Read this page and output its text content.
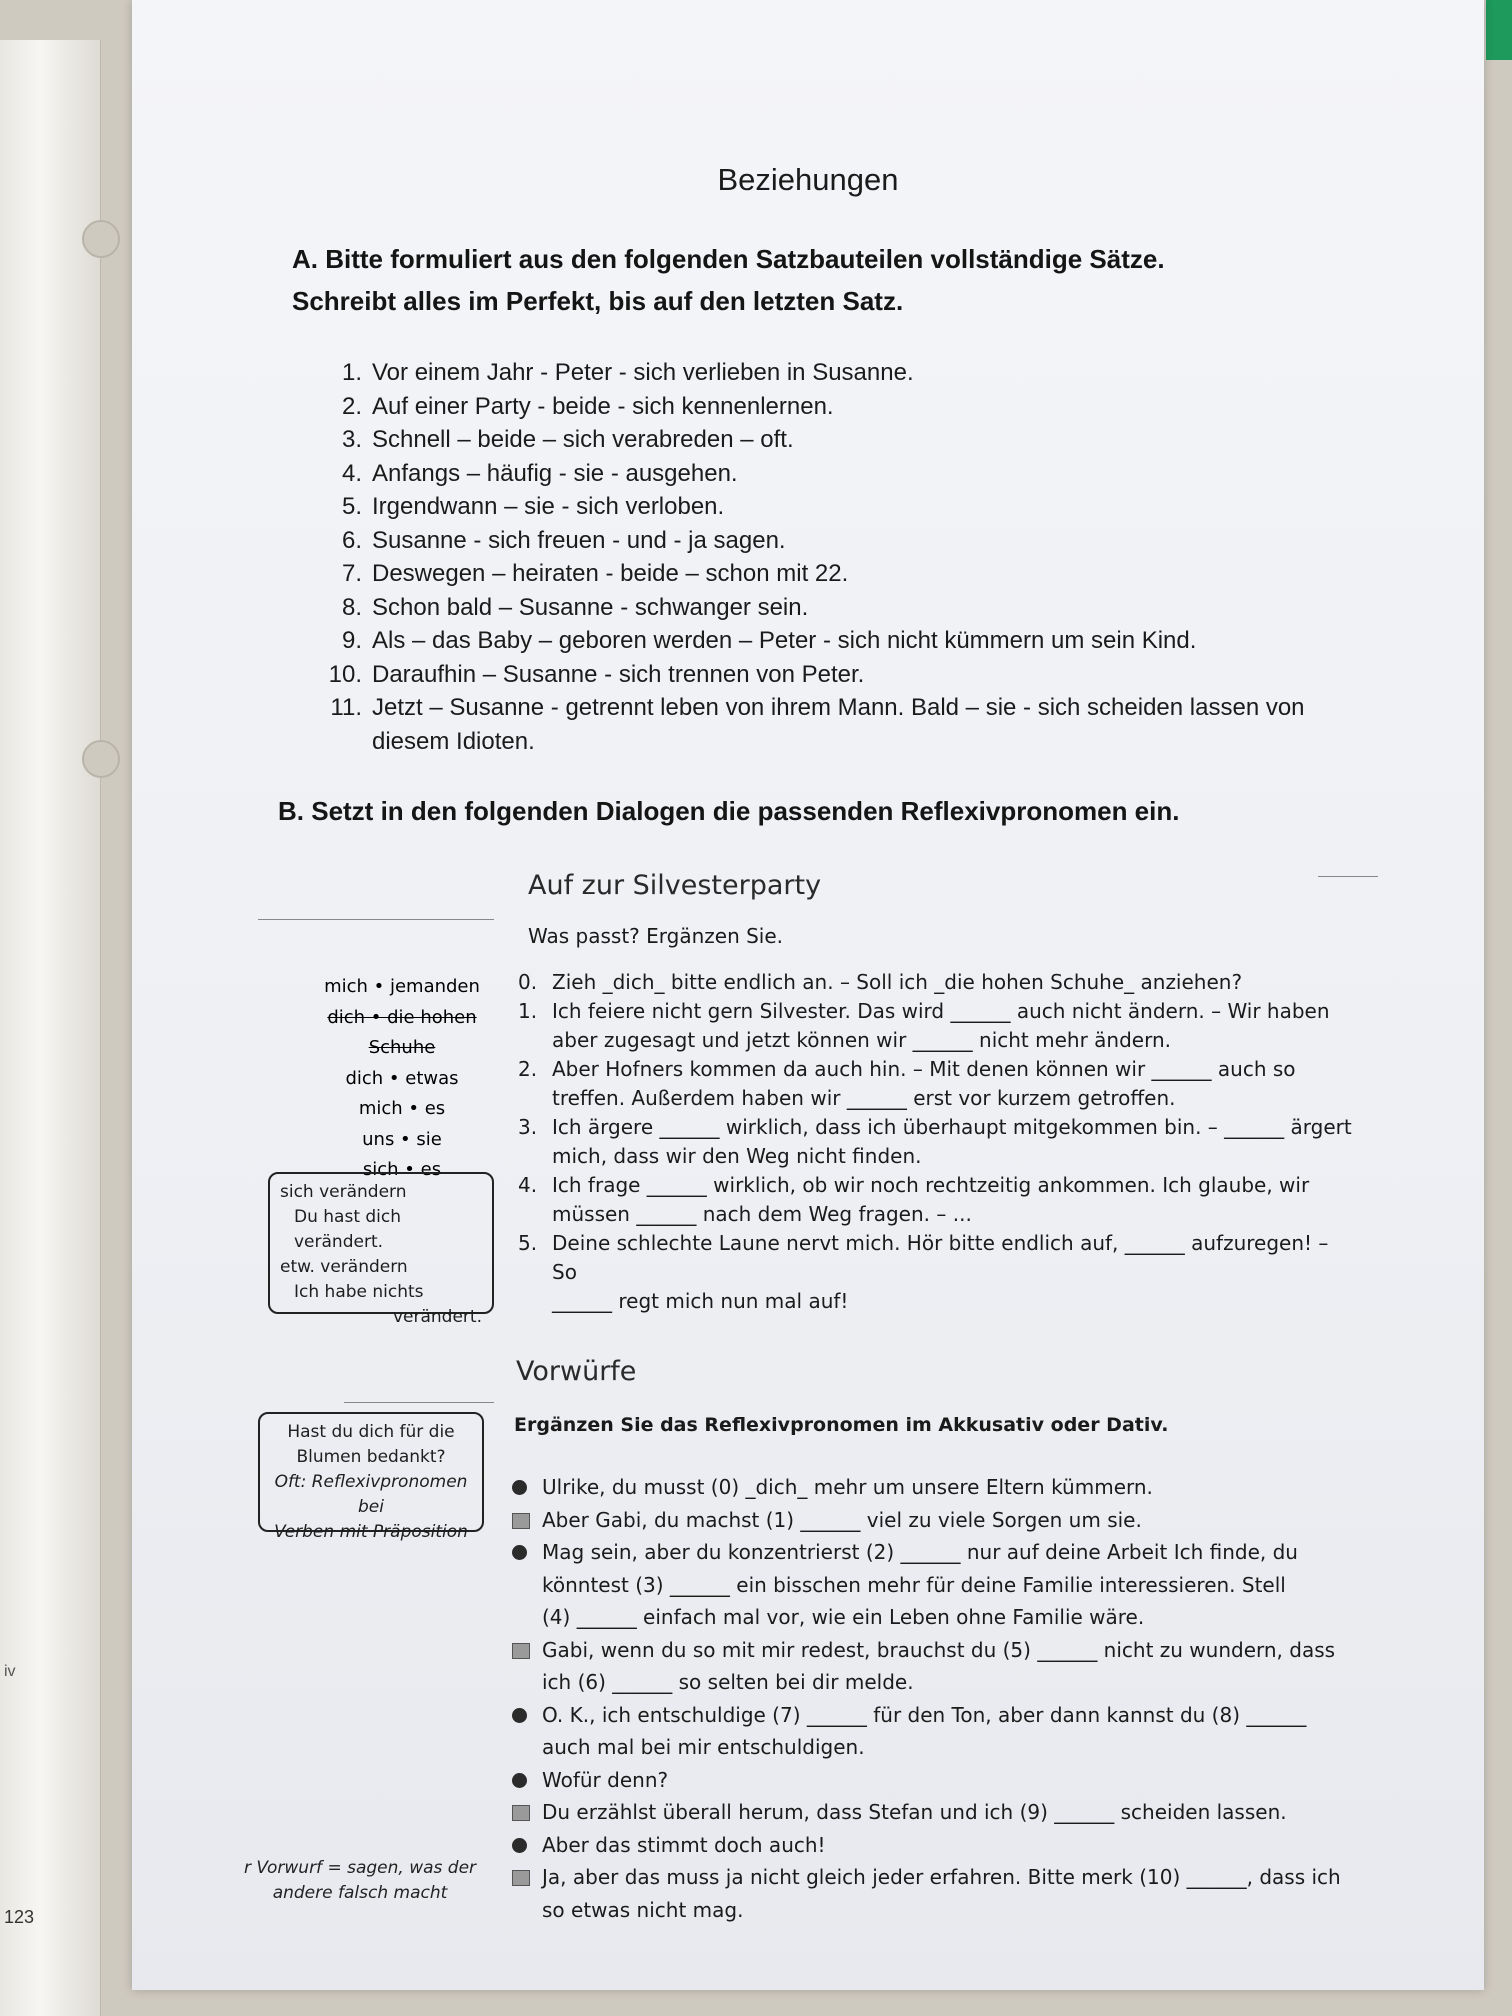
iv
123
Beziehungen
A. Bitte formuliert aus den folgenden Satzbauteilen vollständige Sätze.
Schreibt alles im Perfekt, bis auf den letzten Satz.
1. Vor einem Jahr - Peter - sich verlieben in Susanne.
2. Auf einer Party - beide - sich kennenlernen.
3. Schnell – beide – sich verabreden – oft.
4. Anfangs – häufig - sie - ausgehen.
5. Irgendwann – sie - sich verloben.
6. Susanne - sich freuen - und - ja sagen.
7. Deswegen – heiraten - beide – schon mit 22.
8. Schon bald – Susanne - schwanger sein.
9. Als – das Baby – geboren werden – Peter - sich nicht kümmern um sein Kind.
10. Daraufhin – Susanne - sich trennen von Peter.
11. Jetzt – Susanne - getrennt leben von ihrem Mann. Bald – sie - sich scheiden lassen von diesem Idioten.
B. Setzt in den folgenden Dialogen die passenden Reflexivpronomen ein.
Auf zur Silvesterparty
Was passt? Ergänzen Sie.
mich • jemanden
dich • die hohen Schuhe
dich • etwas
mich • es
uns • sie
sich • es
sich verändern
Du hast dich verändert.
etw. verändern
Ich habe nichts
verändert.
0. Zieh _dich_ bitte endlich an. – Soll ich _die hohen Schuhe_ anziehen?
1. Ich feiere nicht gern Silvester. Das wird ______ auch nicht ändern. – Wir haben
aber zugesagt und jetzt können wir ______ nicht mehr ändern.
2. Aber Hofners kommen da auch hin. – Mit denen können wir ______ auch so
treffen. Außerdem haben wir ______ erst vor kurzem getroffen.
3. Ich ärgere ______ wirklich, dass ich überhaupt mitgekommen bin. – ______ ärgert
mich, dass wir den Weg nicht finden.
4. Ich frage ______ wirklich, ob wir noch rechtzeitig ankommen. Ich glaube, wir
müssen ______ nach dem Weg fragen. – ...
5. Deine schlechte Laune nervt mich. Hör bitte endlich auf, ______ aufzuregen! – So
______ regt mich nun mal auf!
Vorwürfe
Ergänzen Sie das Reflexivpronomen im Akkusativ oder Dativ.
Hast du dich für die
Blumen bedankt?
Oft: Reflexivpronomen bei
Verben mit Präposition
Ulrike, du musst (0) _dich_ mehr um unsere Eltern kümmern.
Aber Gabi, du machst (1) ______ viel zu viele Sorgen um sie.
Mag sein, aber du konzentrierst (2) ______ nur auf deine Arbeit Ich finde, du
könntest (3) ______ ein bisschen mehr für deine Familie interessieren. Stell
(4) ______ einfach mal vor, wie ein Leben ohne Familie wäre.
Gabi, wenn du so mit mir redest, brauchst du (5) ______ nicht zu wundern, dass
ich (6) ______ so selten bei dir melde.
O. K., ich entschuldige (7) ______ für den Ton, aber dann kannst du (8) ______
auch mal bei mir entschuldigen.
Wofür denn?
Du erzählst überall herum, dass Stefan und ich (9) ______ scheiden lassen.
Aber das stimmt doch auch!
Ja, aber das muss ja nicht gleich jeder erfahren. Bitte merk (10) ______, dass ich
so etwas nicht mag.
r Vorwurf = sagen, was der
andere falsch macht
